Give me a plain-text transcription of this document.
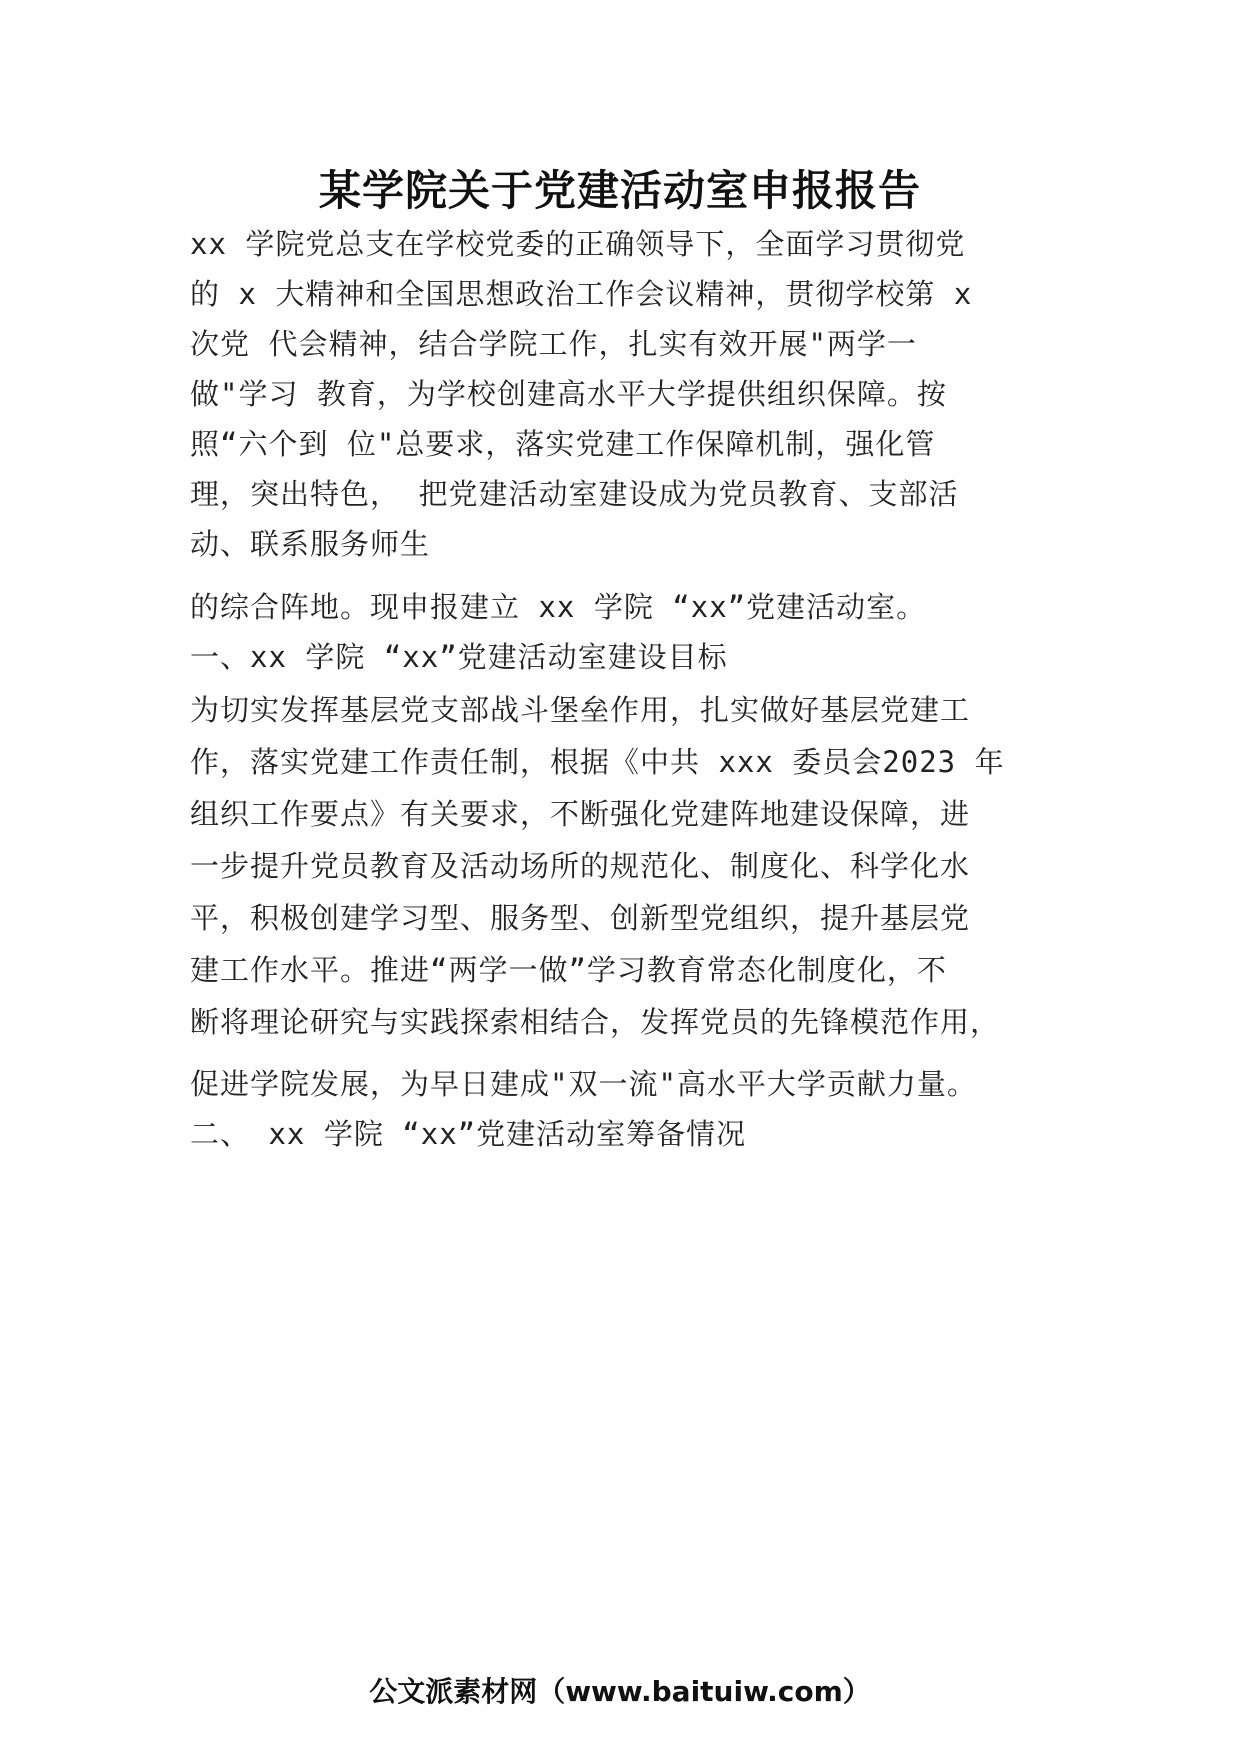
某学院关于党建活动室申报报告

xx 学院党总支在学校党委的正确领导下，全面学习贯彻党

的 x 大精神和全国思想政治工作会议精神，贯彻学校第 x

次党 代会精神，结合学院工作，扎实有效开展"两学一

做"学习 教育，为学校创建高水平大学提供组织保障。按

照“六个到 位"总要求，落实党建工作保障机制，强化管

理，突出特色， 把党建活动室建设成为党员教育、支部活

动、联系服务师生

的综合阵地。现申报建立 xx 学院 “xx”党建活动室。

一、xx 学院 “xx”党建活动室建设目标

为切实发挥基层党支部战斗堡垒作用，扎实做好基层党建工

作，落实党建工作责任制，根据《中共 xxx 委员会2023 年

组织工作要点》有关要求，不断强化党建阵地建设保障，进

一步提升党员教育及活动场所的规范化、制度化、科学化水

平，积极创建学习型、服务型、创新型党组织，提升基层党

建工作水平。推进“两学一做”学习教育常态化制度化，不

断将理论研究与实践探索相结合，发挥党员的先锋模范作用，

促进学院发展，为早日建成"双一流"高水平大学贡献力量。

二、 xx 学院 “xx”党建活动室筹备情况

公文派素材网（www.baituiw.com）
